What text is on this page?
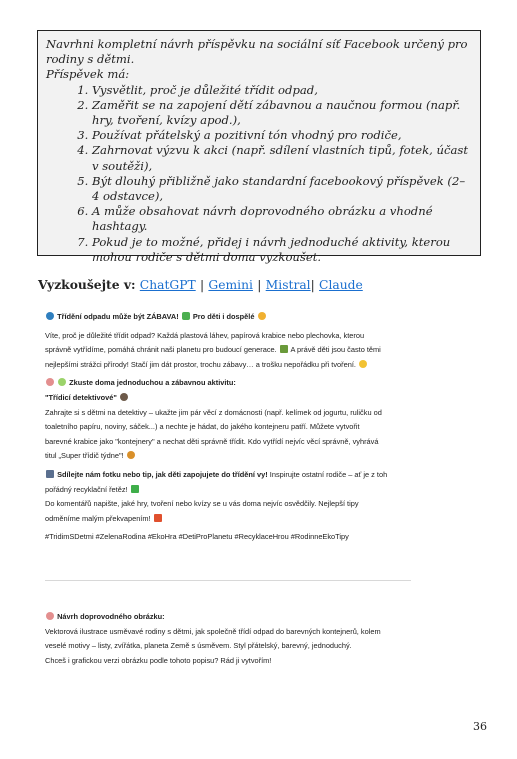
Navrhni kompletní návrh příspěvku na sociální síť Facebook určený pro rodiny s dětmi.

Příspěvek má:

1. Vysvětlit, proč je důležité třídit odpad,
2. Zaměřit se na zapojení dětí zábavnou a naučnou formou (např. hry, tvoření, kvízy apod.),
3. Používat přátelský a pozitivní tón vhodný pro rodiče,
4. Zahrnovat výzvu k akci (např. sdílení vlastních tipů, fotek, účast v soutěži),
5. Být dlouhý přibližně jako standardní facebookový příspěvek (2–4 odstavce),
6. A může obsahovat návrh doprovodného obrázku a vhodné hashtagy.
7. Pokud je to možné, přidej i návrh jednoduché aktivity, kterou mohou rodiče s dětmi doma vyzkoušet.
Vyzkoušejte v: ChatGPT | Gemini | Mistral| Claude

Třídění odpadu může být ZÁBAVA! Pro děti i dospělé

Víte, proč je důležité třídit odpad? Každá plastová láhev, papírová krabice nebo plechovka, kterou

správně vytřídíme, pomáhá chránit naši planetu pro budoucí generace. A právě děti jsou často těmi

nejlepšími strážci přírody! Stačí jim dát prostor, trochu zábavy… a trošku nepořádku při tvoření.

Zkuste doma jednoduchou a zábavnou aktivitu:

"Třídicí detektivové"

Zahrajte si s dětmi na detektivy – ukažte jim pár věcí z domácnosti (např. kelímek od jogurtu, ruličku od

toaletního papíru, noviny, sáček...) a nechte je hádat, do jakého kontejneru patří. Můžete vytvořit

barevné krabice jako "kontejnery" a nechat děti správně třídit. Kdo vytřídí nejvíc věcí správně, vyhrává

titul „Super třídič týdne"!

Sdílejte nám fotku nebo tip, jak děti zapojujete do třídění vy! Inspirujte ostatní rodiče – ať je z toh

pořádný recyklační řetěz!

Do komentářů napište, jaké hry, tvoření nebo kvízy se u vás doma nejvíc osvědčily. Nejlepší tipy

odměníme malým překvapením!

#TridimSDetmi #ZelenaRodina #EkoHra #DetiProPlanetu #RecyklaceHrou #RodinneEkoTipy

Návrh doprovodného obrázku:

Vektorová ilustrace usměvavé rodiny s dětmi, jak společně třídí odpad do barevných kontejnerů, kolem

veselé motivy – listy, zvířátka, planeta Země s úsměvem. Styl přátelský, barevný, jednoduchý.

Chceš i grafickou verzi obrázku podle tohoto popisu? Rád ji vytvořím!

36
